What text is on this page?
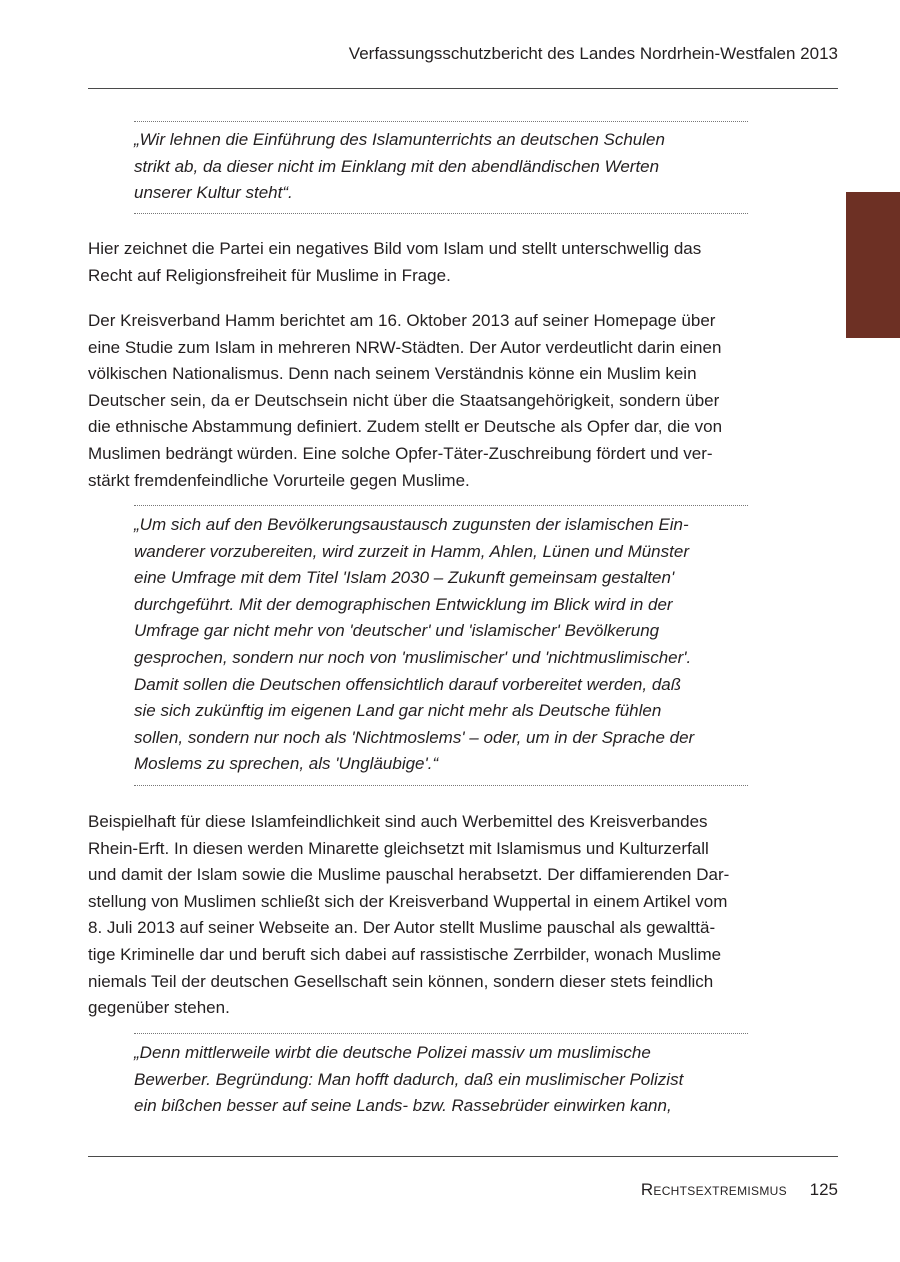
Verfassungsschutzbericht des Landes Nordrhein-Westfalen 2013
„Wir lehnen die Einführung des Islamunterrichts an deutschen Schulen
strikt ab, da dieser nicht im Einklang mit den abendländischen Werten
unserer Kultur steht“.
Hier zeichnet die Partei ein negatives Bild vom Islam und stellt unterschwellig das
Recht auf Religionsfreiheit für Muslime in Frage.
Der Kreisverband Hamm berichtet am 16. Oktober 2013 auf seiner Homepage über
eine Studie zum Islam in mehreren NRW-Städten. Der Autor verdeutlicht darin einen
völkischen Nationalismus. Denn nach seinem Verständnis könne ein Muslim kein
Deutscher sein, da er Deutschsein nicht über die Staatsangehörigkeit, sondern über
die ethnische Abstammung definiert. Zudem stellt er Deutsche als Opfer dar, die von
Muslimen bedrängt würden. Eine solche Opfer-Täter-Zuschreibung fördert und ver-
stärkt fremdenfeindliche Vorurteile gegen Muslime.
„Um sich auf den Bevölkerungsaustausch zugunsten der islamischen Ein-
wanderer vorzubereiten, wird zurzeit in Hamm, Ahlen, Lünen und Münster
eine Umfrage mit dem Titel 'Islam 2030 – Zukunft gemeinsam gestalten'
durchgeführt. Mit der demographischen Entwicklung im Blick wird in der
Umfrage gar nicht mehr von 'deutscher' und 'islamischer' Bevölkerung
gesprochen, sondern nur noch von 'muslimischer' und 'nichtmuslimischer'.
Damit sollen die Deutschen offensichtlich darauf vorbereitet werden, daß
sie sich zukünftig im eigenen Land gar nicht mehr als Deutsche fühlen
sollen, sondern nur noch als 'Nichtmoslems' – oder, um in der Sprache der
Moslems zu sprechen, als 'Ungläubige'.“
Beispielhaft für diese Islamfeindlichkeit sind auch Werbemittel des Kreisverbandes
Rhein-Erft. In diesen werden Minarette gleichsetzt mit Islamismus und Kulturzerfall
und damit der Islam sowie die Muslime pauschal herabsetzt. Der diffamierenden Dar-
stellung von Muslimen schließt sich der Kreisverband Wuppertal in einem Artikel vom
8. Juli 2013 auf seiner Webseite an. Der Autor stellt Muslime pauschal als gewalttä-
tige Kriminelle dar und beruft sich dabei auf rassistische Zerrbilder, wonach Muslime
niemals Teil der deutschen Gesellschaft sein können, sondern dieser stets feindlich
gegenüber stehen.
„Denn mittlerweile wirbt die deutsche Polizei massiv um muslimische
Bewerber. Begründung: Man hofft dadurch, daß ein muslimischer Polizist
ein bißchen besser auf seine Lands- bzw. Rassebrüder einwirken kann,
Rechtsextremismus 125
